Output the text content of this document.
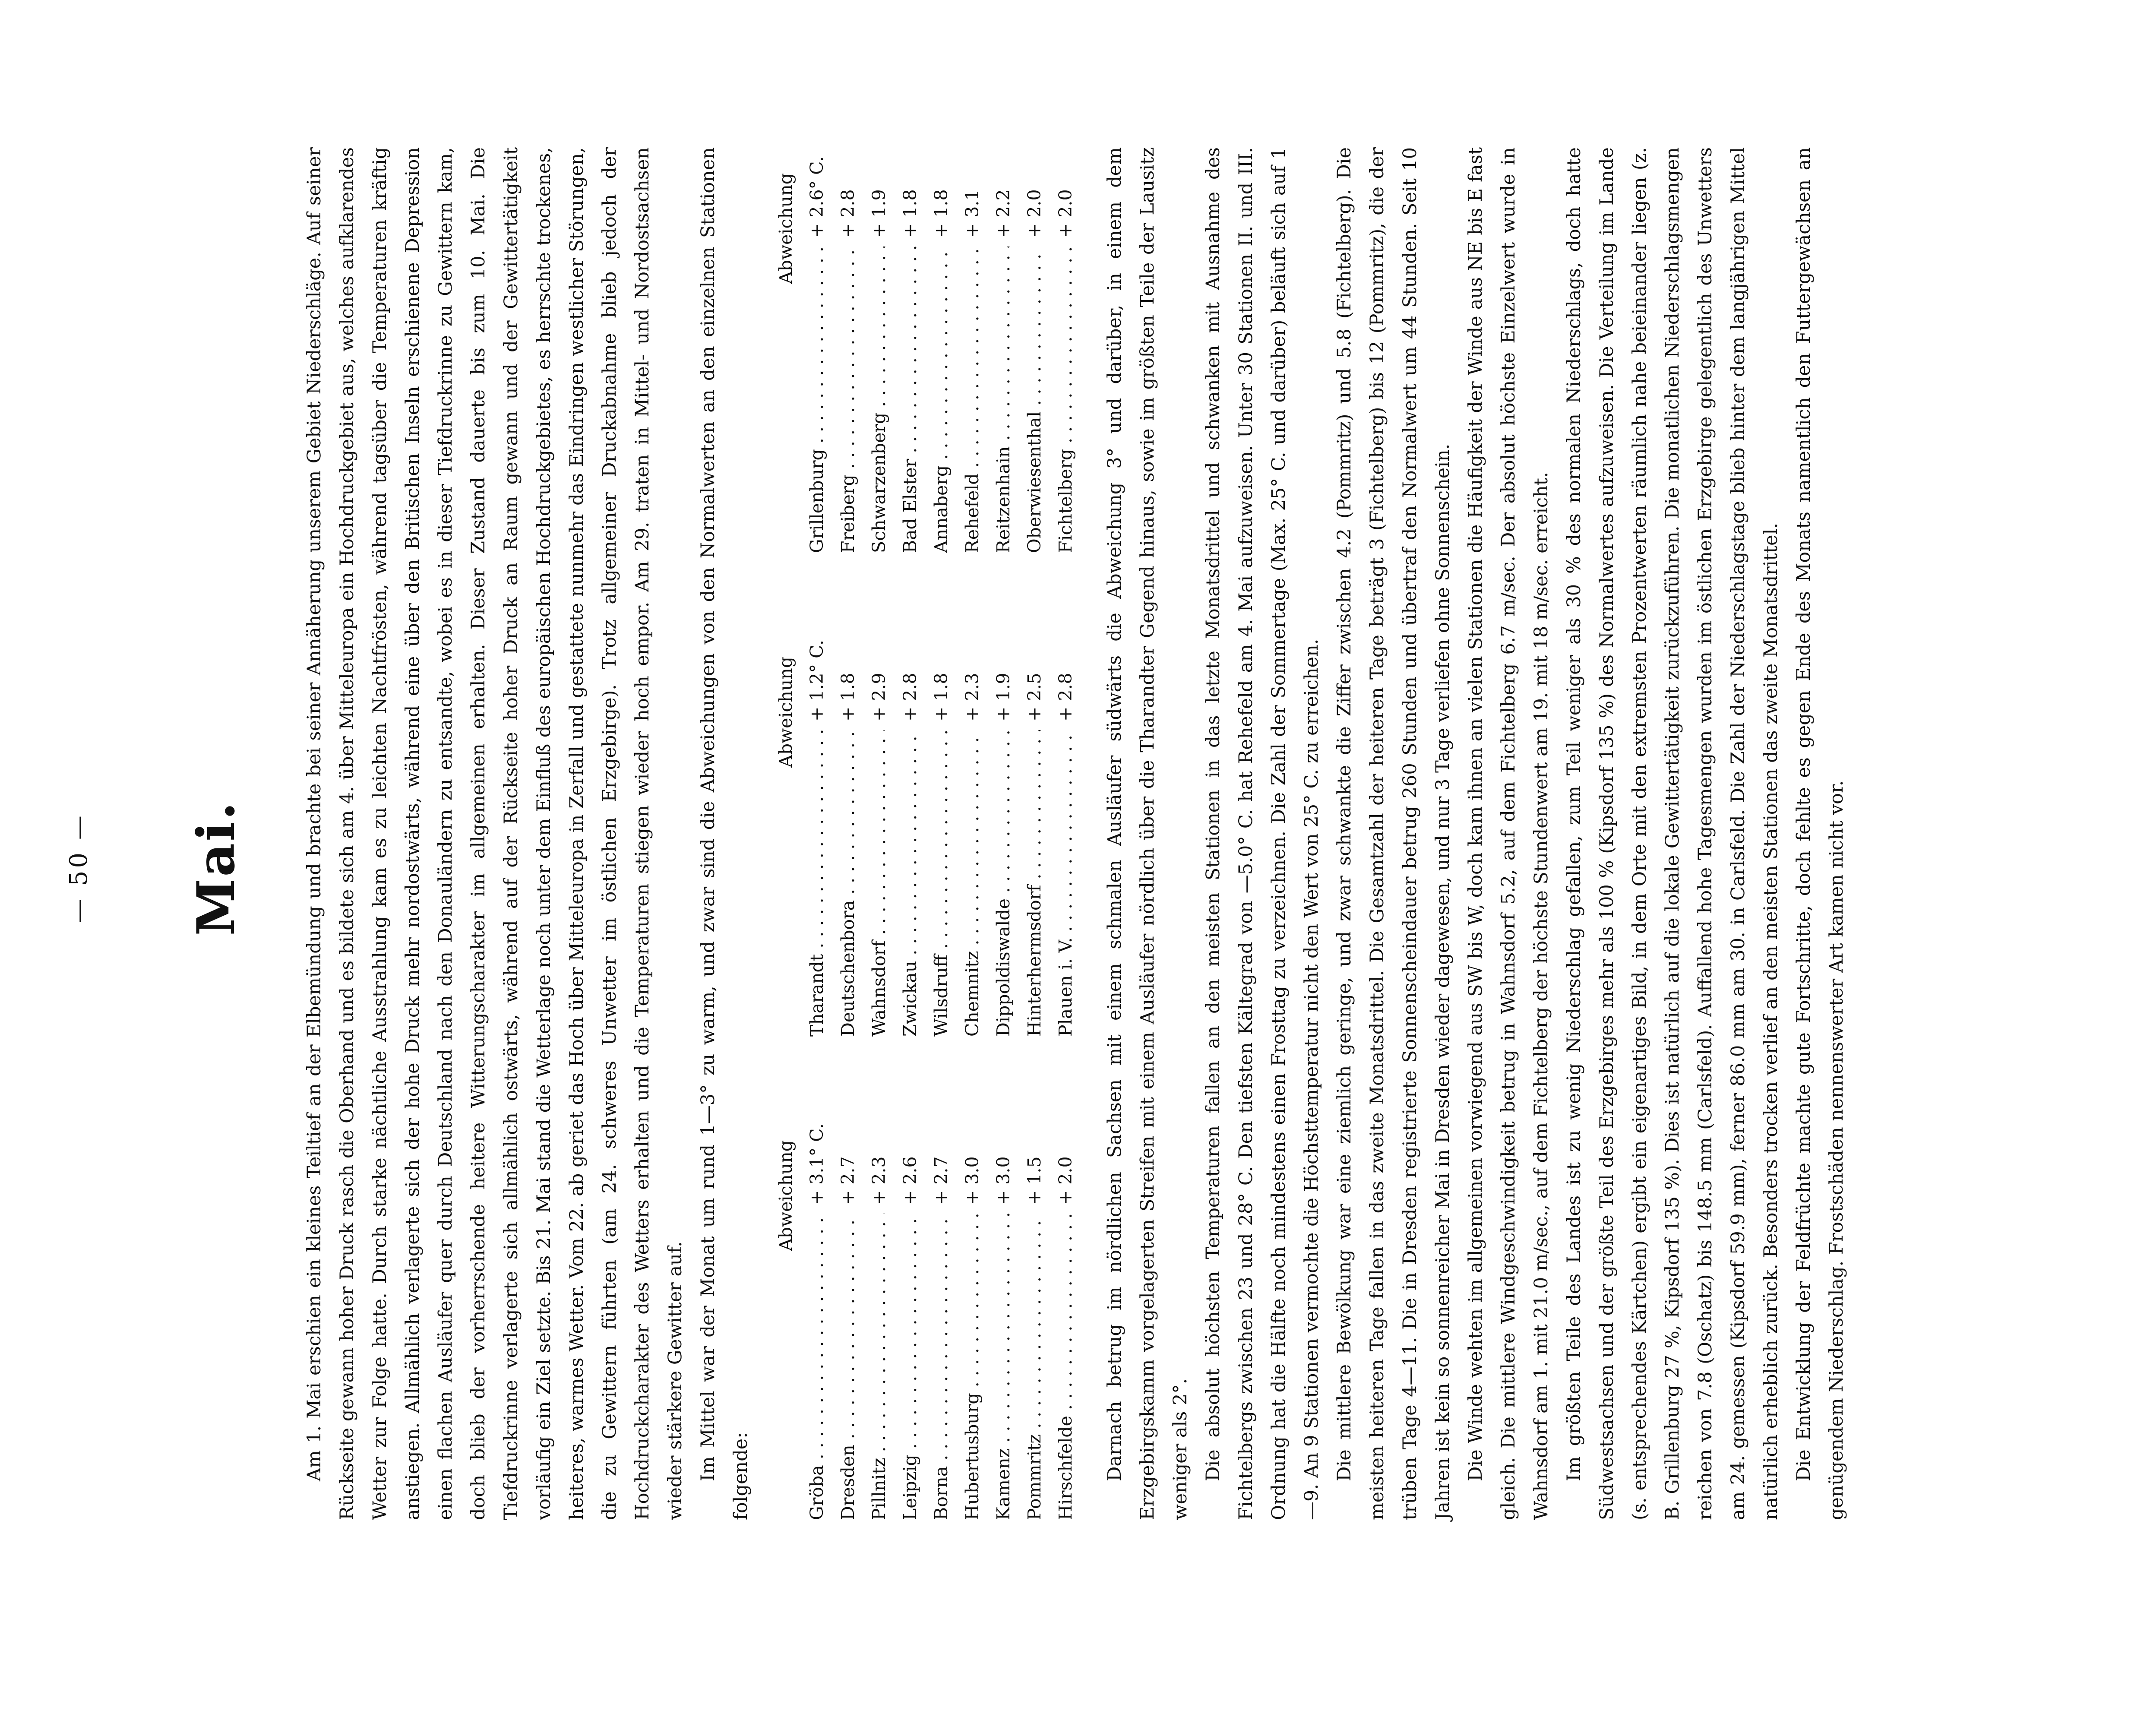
— 50 — Mai.	Am 1. Mai erschien ein kleines Teiltief an der Elbemündung und brachte bei seiner Annäherung unserem Gebiet Niederschläge. Auf seiner Rückseite gewann hoher Druck rasch die Oberhand und es bildete sich am 4. über Mitteleuropa ein Hochdruckgebiet aus, welches aufklarendes Wetter zur Folge hatte. Durch starke nächtliche Ausstrahlung kam es zu leichten Nachtfrösten, während tagsüber die Temperaturen kräftig anstiegen. Allmählich verlagerte sich der hohe Druck mehr nordostwärts, während eine über den Britischen Inseln erschienene Depression einen flachen Ausläufer quer durch Deutschland nach den Donauländern zu entsandte, wobei es in dieser Tiefdruckrinne zu Gewittern kam, doch blieb der vorherrschende heitere Witterungscharakter im allgemeinen erhalten. Dieser Zustand dauerte bis zum 10. Mai. Die Tiefdruckrinne verlagerte sich allmählich ostwärts, während auf der Rückseite hoher Druck an Raum gewann und der Gewittertätigkeit vorläufig ein Ziel setzte. Bis 21. Mai stand die Wetterlage noch unter dem Einfluß des europäischen Hochdruckgebietes, es herrschte trockenes, heiteres, warmes Wetter. Vom 22. ab geriet das Hoch über Mitteleuropa in Zerfall und gestattete nunmehr das Eindringen westlicher Störungen, die zu Gewittern führten (am 24. schweres Unwetter im östlichen Erzgebirge). Trotz allgemeiner Druckabnahme blieb jedoch der Hochdruckcharakter des Wetters erhalten und die Temperaturen stiegen wieder hoch empor. Am 29. traten in Mittel- und Nordostsachsen wieder stärkere Gewitter auf. Im Mittel war der Monat um rund 1—3° zu warm, und zwar sind die Abweichungen von den Normalwerten an den einzelnen Stationen folgende:

Abweichung
Gröba . . .
+ 3.1° C.
Dresden . . .
+ 2.7
Pillnitz . . .
+ 2.3
Leipzig . . .
+ 2.6
Borna . . .
+ 2.7
Hubertusburg . . .
+ 3.0
Kamenz . . .
+ 3.0
Pommritz . . .
+ 1.5
Hirschfelde . . .
+ 2.0
Abweichung
Tharandt . . .
+ 1.2° C.
Deutschenbora . . .
+ 1.8
Wahnsdorf . . .
+ 2.9
Zwickau . . .
+ 2.8
Wilsdruff . . .
+ 1.8
Chemnitz . . .
+ 2.3
Dippoldiswalde . . .
+ 1.9
Hinterhermsdorf . . .
+ 2.5
Plauen i. V. . . .
+ 2.8
Abweichung
Grillenburg . . .
+ 2.6° C.
Freiberg . . .
+ 2.8
Schwarzenberg . . .
+ 1.9
Bad Elster . . .
+ 1.8
Annaberg . . .
+ 1.8
Rehefeld . . .
+ 3.1
Reitzenhain . . .
+ 2.2
Oberwiesenthal . . .
+ 2.0
Fichtelberg . . .
+ 2.0	Darnach betrug im nördlichen Sachsen mit einem schmalen Ausläufer südwärts die Abweichung 3° und darüber, in einem dem Erzgebirgskamm vorgelagerten Streifen mit einem Ausläufer nördlich über die Tharandter Gegend hinaus, sowie im größten Teile der Lausitz weniger als 2°. Die absolut höchsten Temperaturen fallen an den meisten Stationen in das letzte Monatsdrittel und schwanken mit Ausnahme des Fichtelbergs zwischen 23 und 28° C. Den tiefsten Kältegrad von —5.0° C. hat Rehefeld am 4. Mai aufzuweisen. Unter 30 Stationen II. und III. Ordnung hat die Hälfte noch mindestens einen Frosttag zu verzeichnen. Die Zahl der Sommertage (Max. 25° C. und darüber) beläuft sich auf 1—9. An 9 Stationen vermochte die Höchsttemperatur nicht den Wert von 25° C. zu erreichen. Die mittlere Bewölkung war eine ziemlich geringe, und zwar schwankte die Ziffer zwischen 4.2 (Pommritz) und 5.8 (Fichtelberg). Die meisten heiteren Tage fallen in das zweite Monatsdrittel. Die Gesamtzahl der heiteren Tage beträgt 3 (Fichtelberg) bis 12 (Pommritz), die der trüben Tage 4—11. Die in Dresden registrierte Sonnenscheindauer betrug 260 Stunden und übertraf den Normalwert um 44 Stunden. Seit 10 Jahren ist kein so sonnenreicher Mai in Dresden wieder dagewesen, und nur 3 Tage verliefen ohne Sonnenschein. Die Winde wehten im allgemeinen vorwiegend aus SW bis W, doch kam ihnen an vielen Stationen die Häufigkeit der Winde aus NE bis E fast gleich. Die mittlere Windgeschwindigkeit betrug in Wahnsdorf 5.2, auf dem Fichtelberg 6.7 m/sec. Der absolut höchste Einzelwert wurde in Wahnsdorf am 1. mit 21.0 m/sec., auf dem Fichtelberg der höchste Stundenwert am 19. mit 18 m/sec. erreicht. Im größten Teile des Landes ist zu wenig Niederschlag gefallen, zum Teil weniger als 30 % des normalen Niederschlags, doch hatte Südwestsachsen und der größte Teil des Erzgebirges mehr als 100 % (Kipsdorf 135 %) des Normalwertes aufzuweisen. Die Verteilung im Lande (s. entsprechendes Kärtchen) ergibt ein eigenartiges Bild, in dem Orte mit den extremsten Prozentwerten räumlich nahe beieinander liegen (z. B. Grillenburg 27 %, Kipsdorf 135 %). Dies ist natürlich auf die lokale Gewittertätigkeit zurückzuführen. Die monatlichen Niederschlagsmengen reichen von 7.8 (Oschatz) bis 148.5 mm (Carlsfeld). Auffallend hohe Tagesmengen wurden im östlichen Erzgebirge gelegentlich des Unwetters am 24. gemessen (Kipsdorf 59.9 mm), ferner 86.0 mm am 30. in Carlsfeld. Die Zahl der Niederschlagstage blieb hinter dem langjährigen Mittel natürlich erheblich zurück. Besonders trocken verlief an den meisten Stationen das zweite Monatsdrittel. Die Entwicklung der Feldfrüchte machte gute Fortschritte, doch fehlte es gegen Ende des Monats namentlich den Futtergewächsen an genügendem Niederschlag. Frostschäden nennenswerter Art kamen nicht vor.
